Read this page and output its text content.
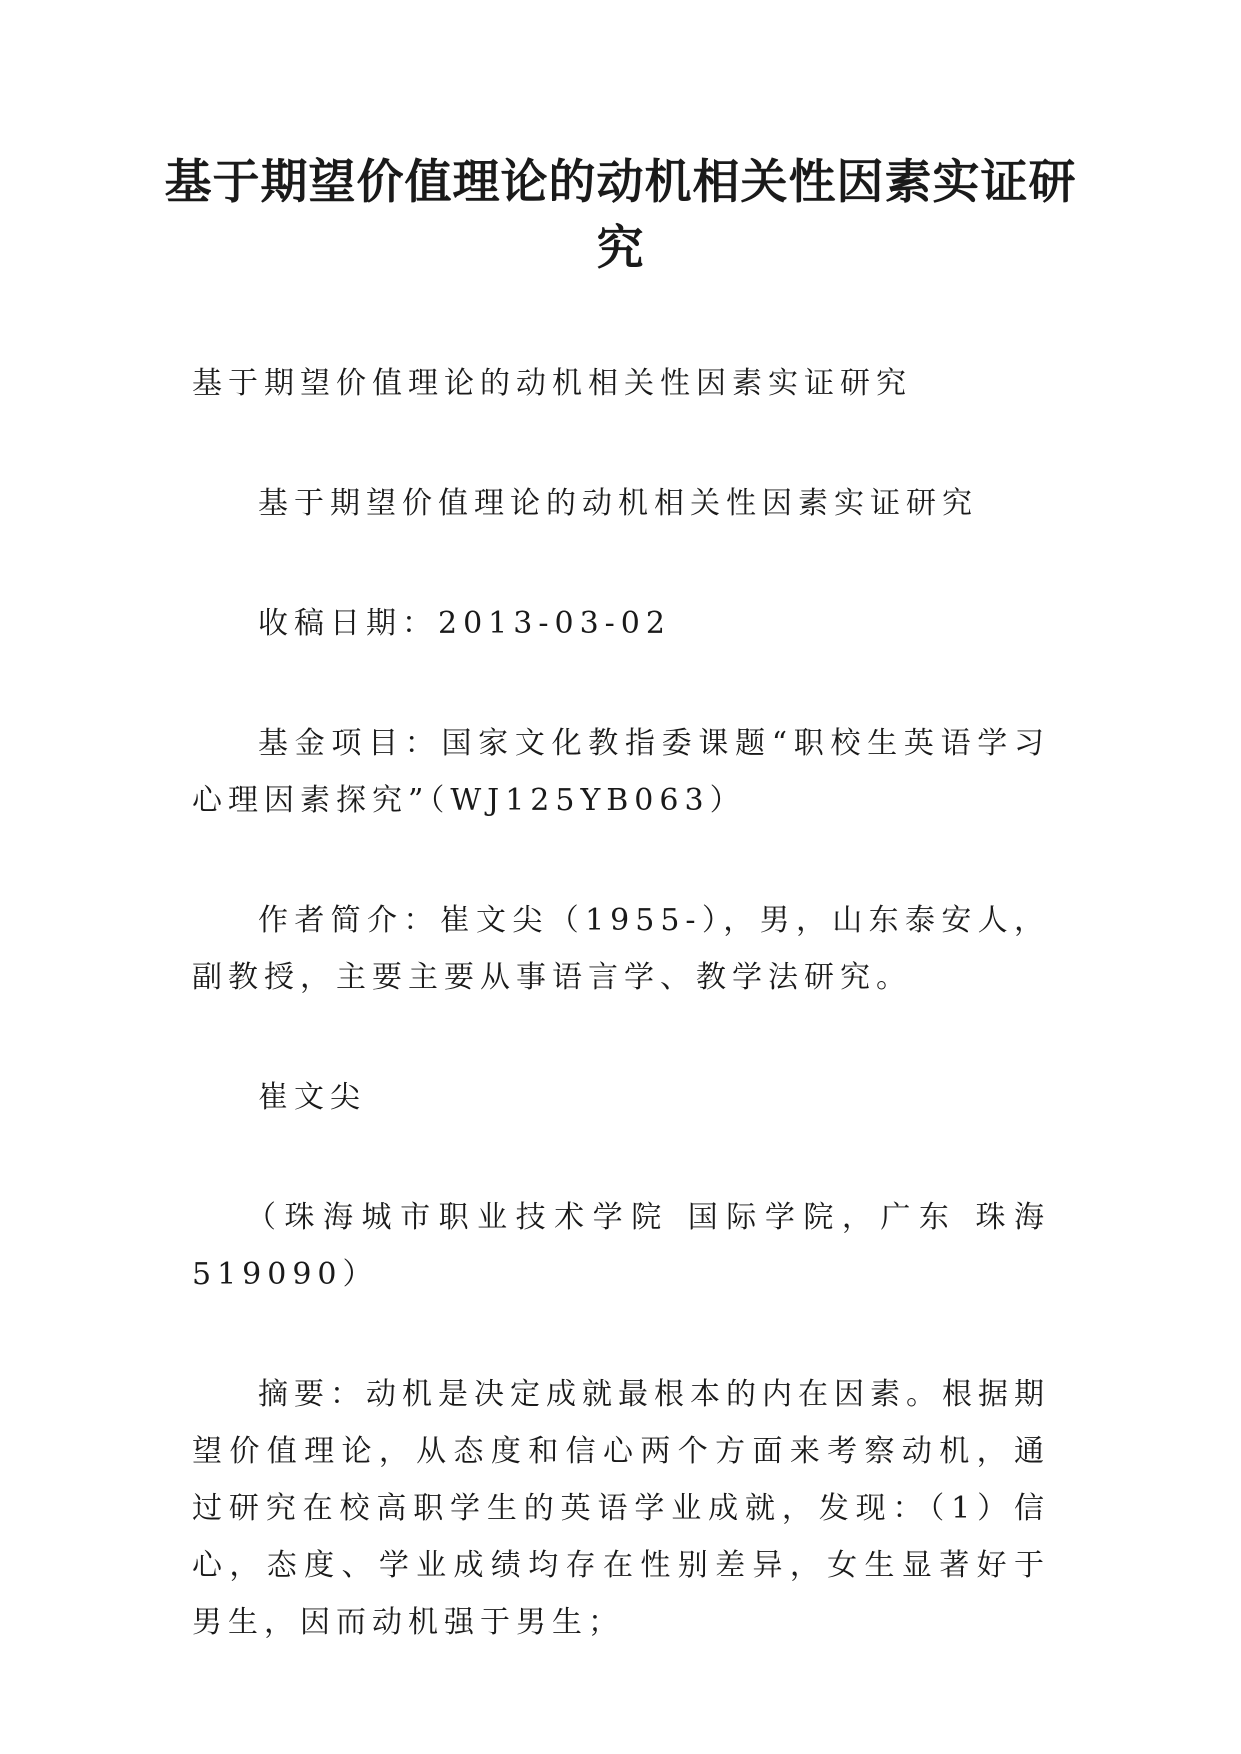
基于期望价值理论的动机相关性因素实证研究

基于期望价值理论的动机相关性因素实证研究

基于期望价值理论的动机相关性因素实证研究

收稿日期：2013-03-02

基金项目：国家文化教指委课题“职校生英语学习心理因素探究”（WJ125YB063）

作者简介：崔文尖（1955-），男，山东泰安人，副教授，主要主要从事语言学、教学法研究。

崔文尖

（珠海城市职业技术学院 国际学院，广东 珠海519090）

摘要：动机是决定成就最根本的内在因素。根据期望价值理论，从态度和信心两个方面来考察动机，通过研究在校高职学生的英语学业成就，发现：（1）信心，态度、学业成绩均存在性别差异，女生显著好于男生，因而动机强于男生；
